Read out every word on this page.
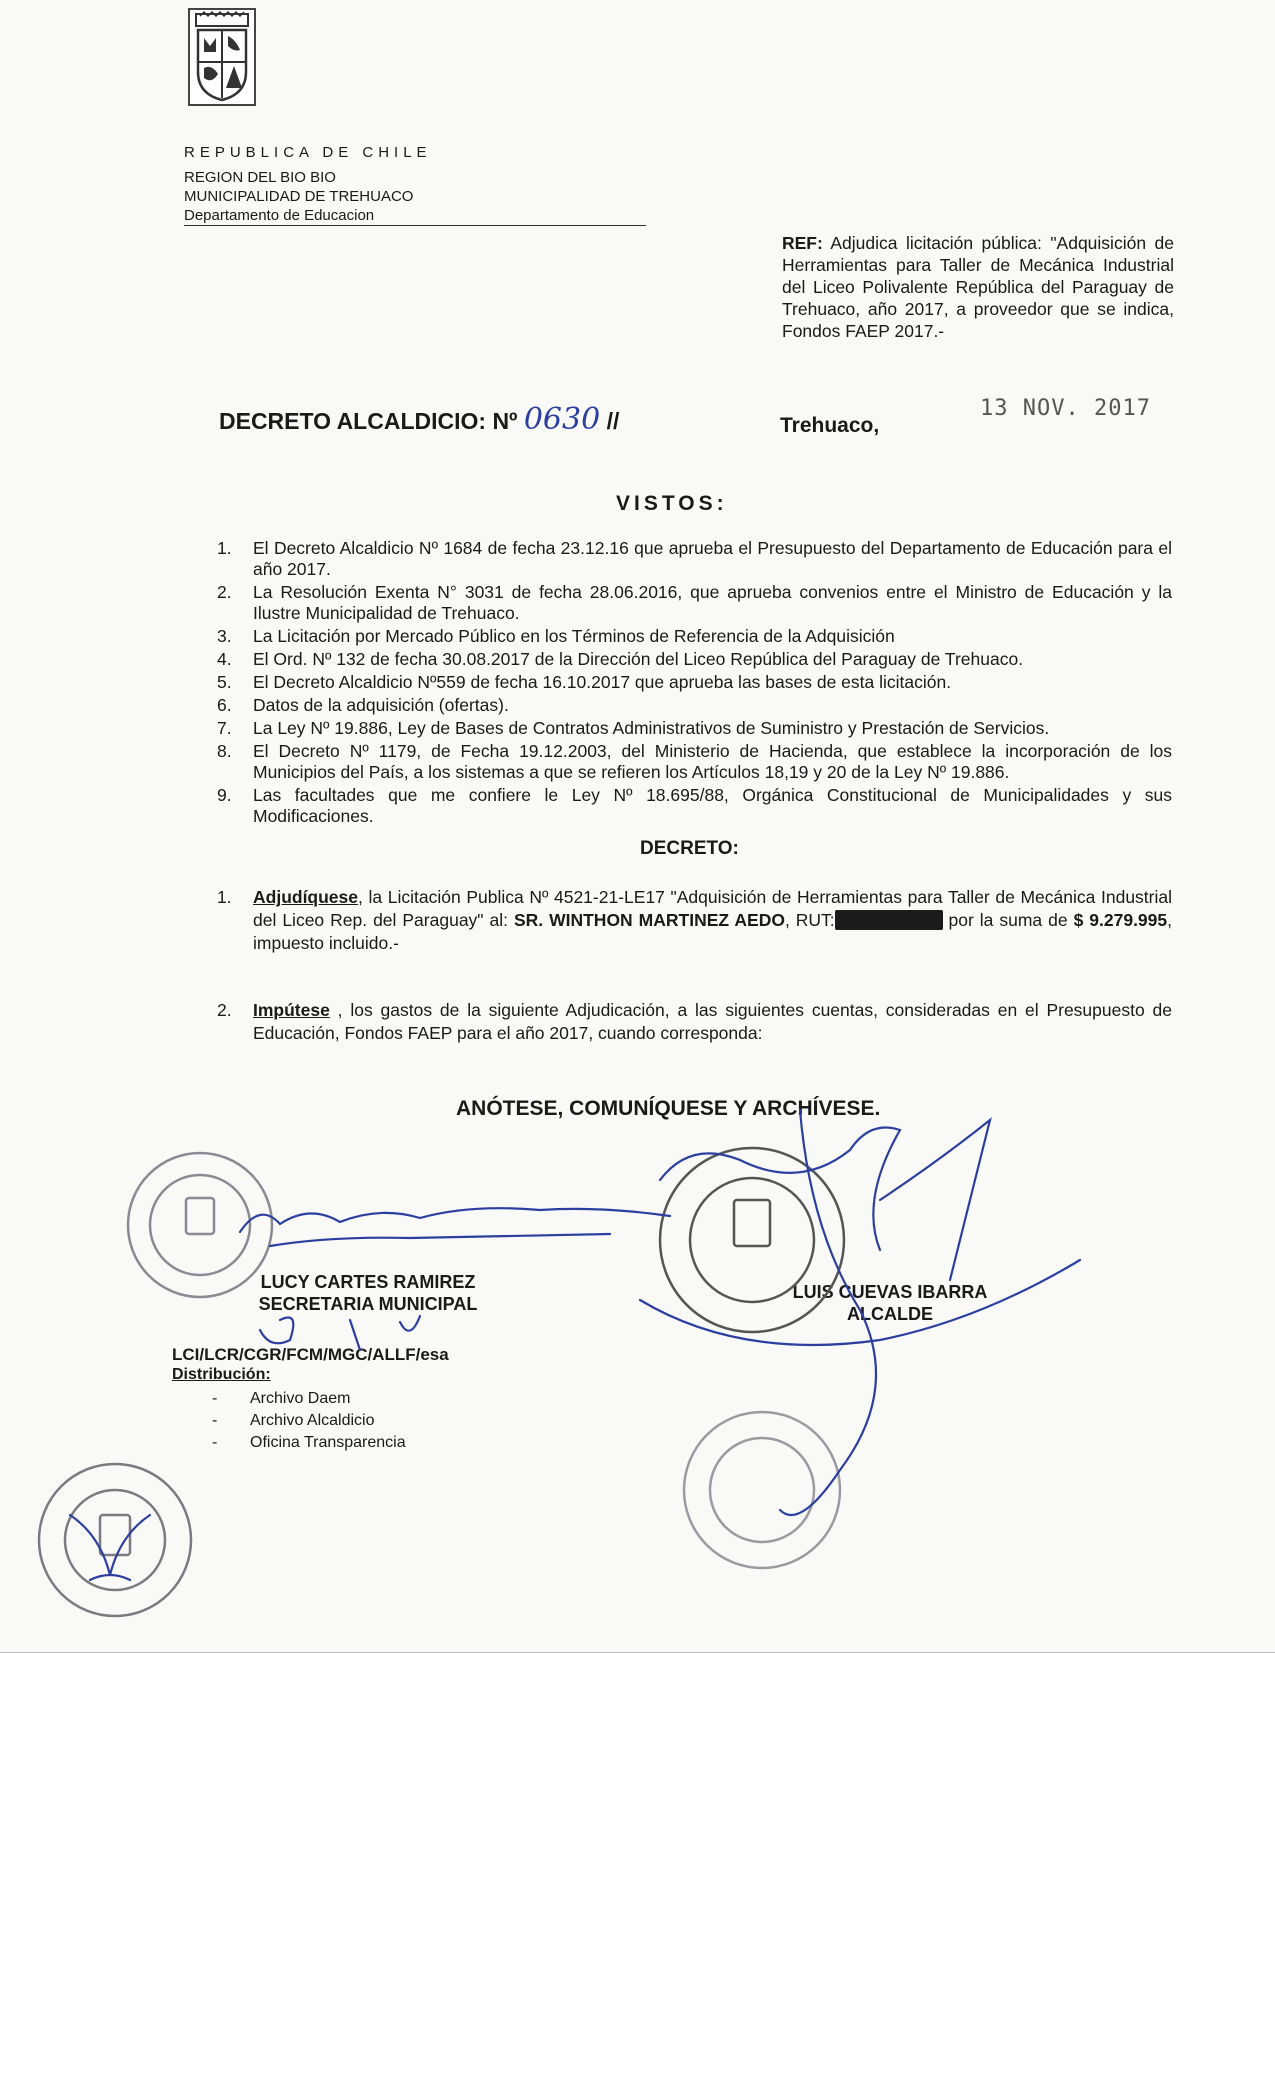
REPUBLICA DE CHILE
REGION DEL BIO BIO
MUNICIPALIDAD DE TREHUACO
Departamento de Educacion
REF: Adjudica licitación pública: "Adquisición de Herramientas para Taller de Mecánica Industrial del Liceo Polivalente República del Paraguay de Trehuaco, año 2017, a proveedor que se indica, Fondos FAEP 2017.-
DECRETO ALCALDICIO: Nº 0630 //	Trehuaco,
13 NOV. 2017
VISTOS:
1.	El Decreto Alcaldicio Nº 1684 de fecha 23.12.16 que aprueba el Presupuesto del Departamento de Educación para el año 2017.
2.	La Resolución Exenta N° 3031 de fecha 28.06.2016, que aprueba convenios entre el Ministro de Educación y la Ilustre Municipalidad de Trehuaco.
3.	La Licitación por Mercado Público en los Términos de Referencia de la Adquisición
4.	El Ord. Nº 132 de fecha 30.08.2017 de la Dirección del Liceo República del Paraguay de Trehuaco.
5.	El Decreto Alcaldicio Nº559 de fecha 16.10.2017 que aprueba las bases de esta licitación.
6.	Datos de la adquisición (ofertas).
7.	La Ley Nº 19.886, Ley de Bases de Contratos Administrativos de Suministro y Prestación de Servicios.
8.	El Decreto Nº 1179, de Fecha 19.12.2003, del Ministerio de Hacienda, que establece la incorporación de los Municipios del País, a los sistemas a que se refieren los Artículos 18,19 y 20 de la Ley Nº 19.886.
9.	Las facultades que me confiere le Ley Nº 18.695/88, Orgánica Constitucional de Municipalidades y sus Modificaciones.
DECRETO:
1.	Adjudíquese, la Licitación Publica Nº 4521-21-LE17 "Adquisición de Herramientas para Taller de Mecánica Industrial del Liceo Rep. del Paraguay" al: SR. WINTHON MARTINEZ AEDO, RUT: 11.410.914-2 por la suma de $ 9.279.995, impuesto incluido.-
2.	Impútese , los gastos de la siguiente Adjudicación, a las siguientes cuentas, consideradas en el Presupuesto de Educación, Fondos FAEP para el año 2017, cuando corresponda:
ANÓTESE, COMUNÍQUESE Y ARCHÍVESE.
LUCY CARTES RAMIREZ
SECRETARIA MUNICIPAL
LUIS CUEVAS IBARRA
ALCALDE
LCI/LCR/CGR/FCM/MGC/ALLF/esa
Distribución:
-	Archivo Daem
-	Archivo Alcaldicio
-	Oficina Transparencia
